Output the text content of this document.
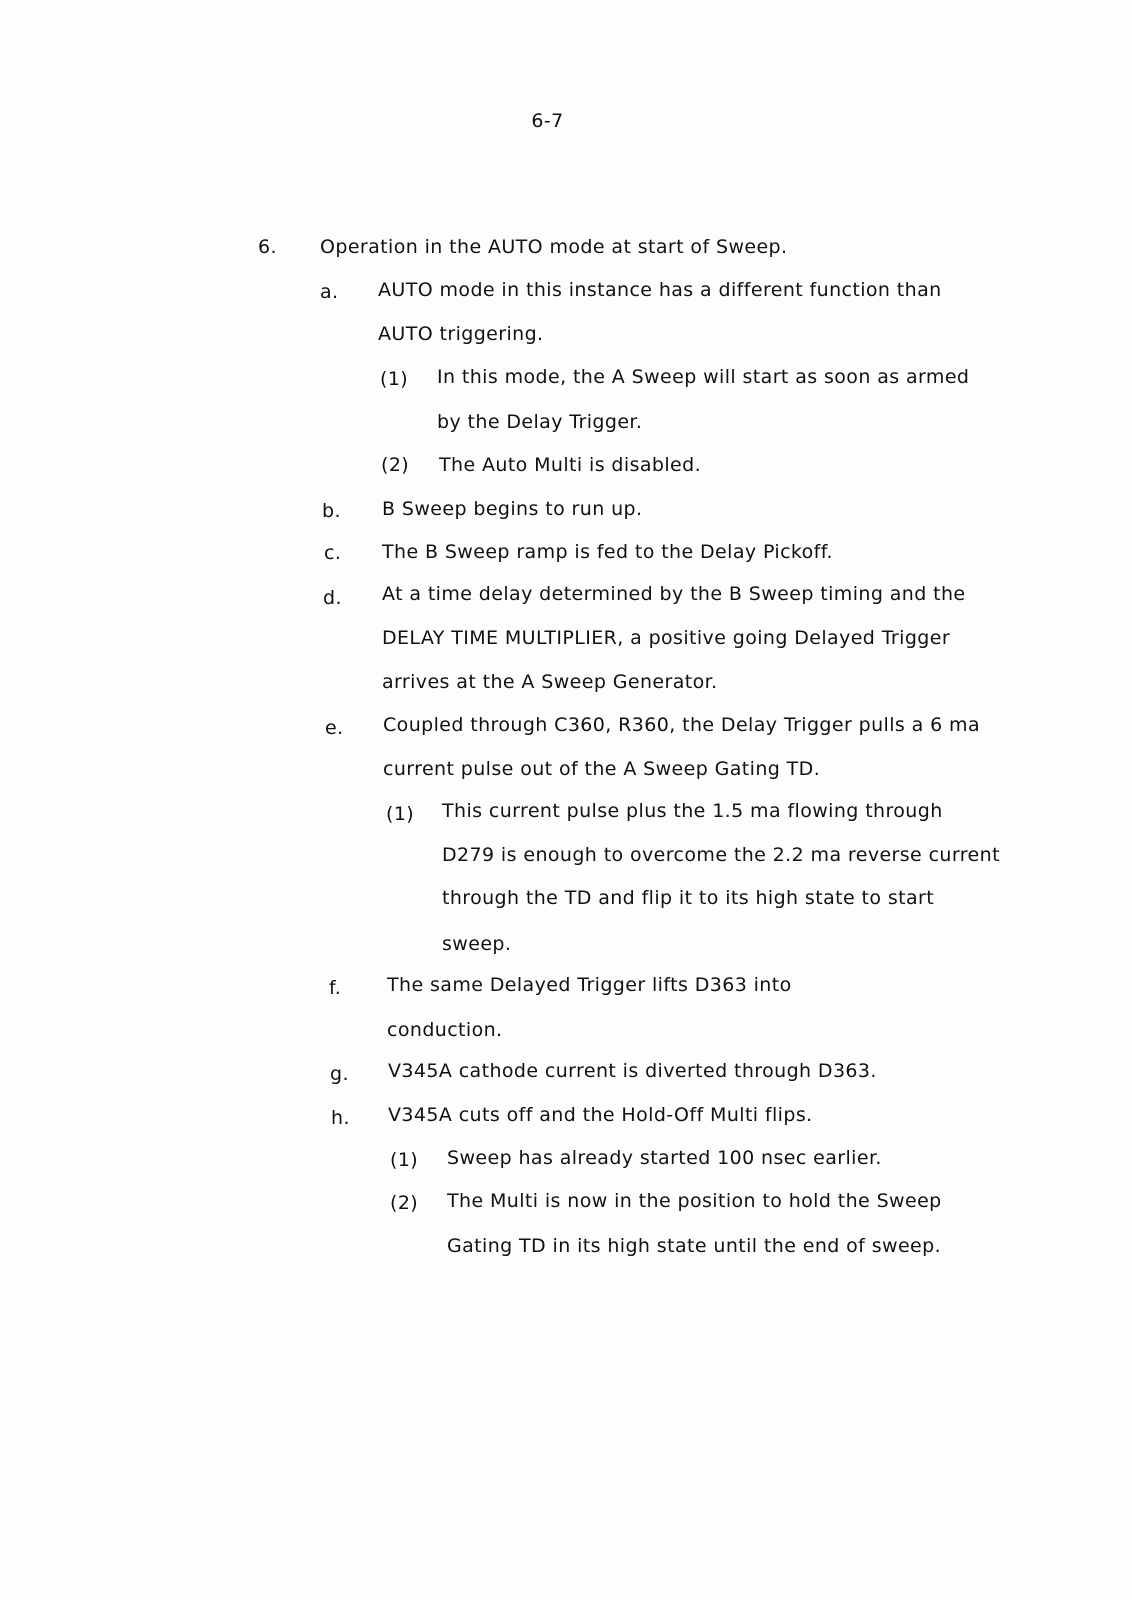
6-7
6. Operation in the AUTO mode at start of Sweep.
a. AUTO mode in this instance has a different function than
AUTO triggering.
(1) In this mode, the A Sweep will start as soon as armed
by the Delay Trigger.
(2) The Auto Multi is disabled.
b. B Sweep begins to run up.
c. The B Sweep ramp is fed to the Delay Pickoff.
d. At a time delay determined by the B Sweep timing and the
DELAY TIME MULTIPLIER, a positive going Delayed Trigger
arrives at the A Sweep Generator.
e. Coupled through C360, R360, the Delay Trigger pulls a 6 ma
current pulse out of the A Sweep Gating TD.
(1) This current pulse plus the 1.5 ma flowing through
D279 is enough to overcome the 2.2 ma reverse current
through the TD and flip it to its high state to start
sweep.
f. The same Delayed Trigger lifts D363 into
conduction.
g. V345A cathode current is diverted through D363.
h. V345A cuts off and the Hold-Off Multi flips.
(1) Sweep has already started 100 nsec earlier.
(2) The Multi is now in the position to hold the Sweep
Gating TD in its high state until the end of sweep.
